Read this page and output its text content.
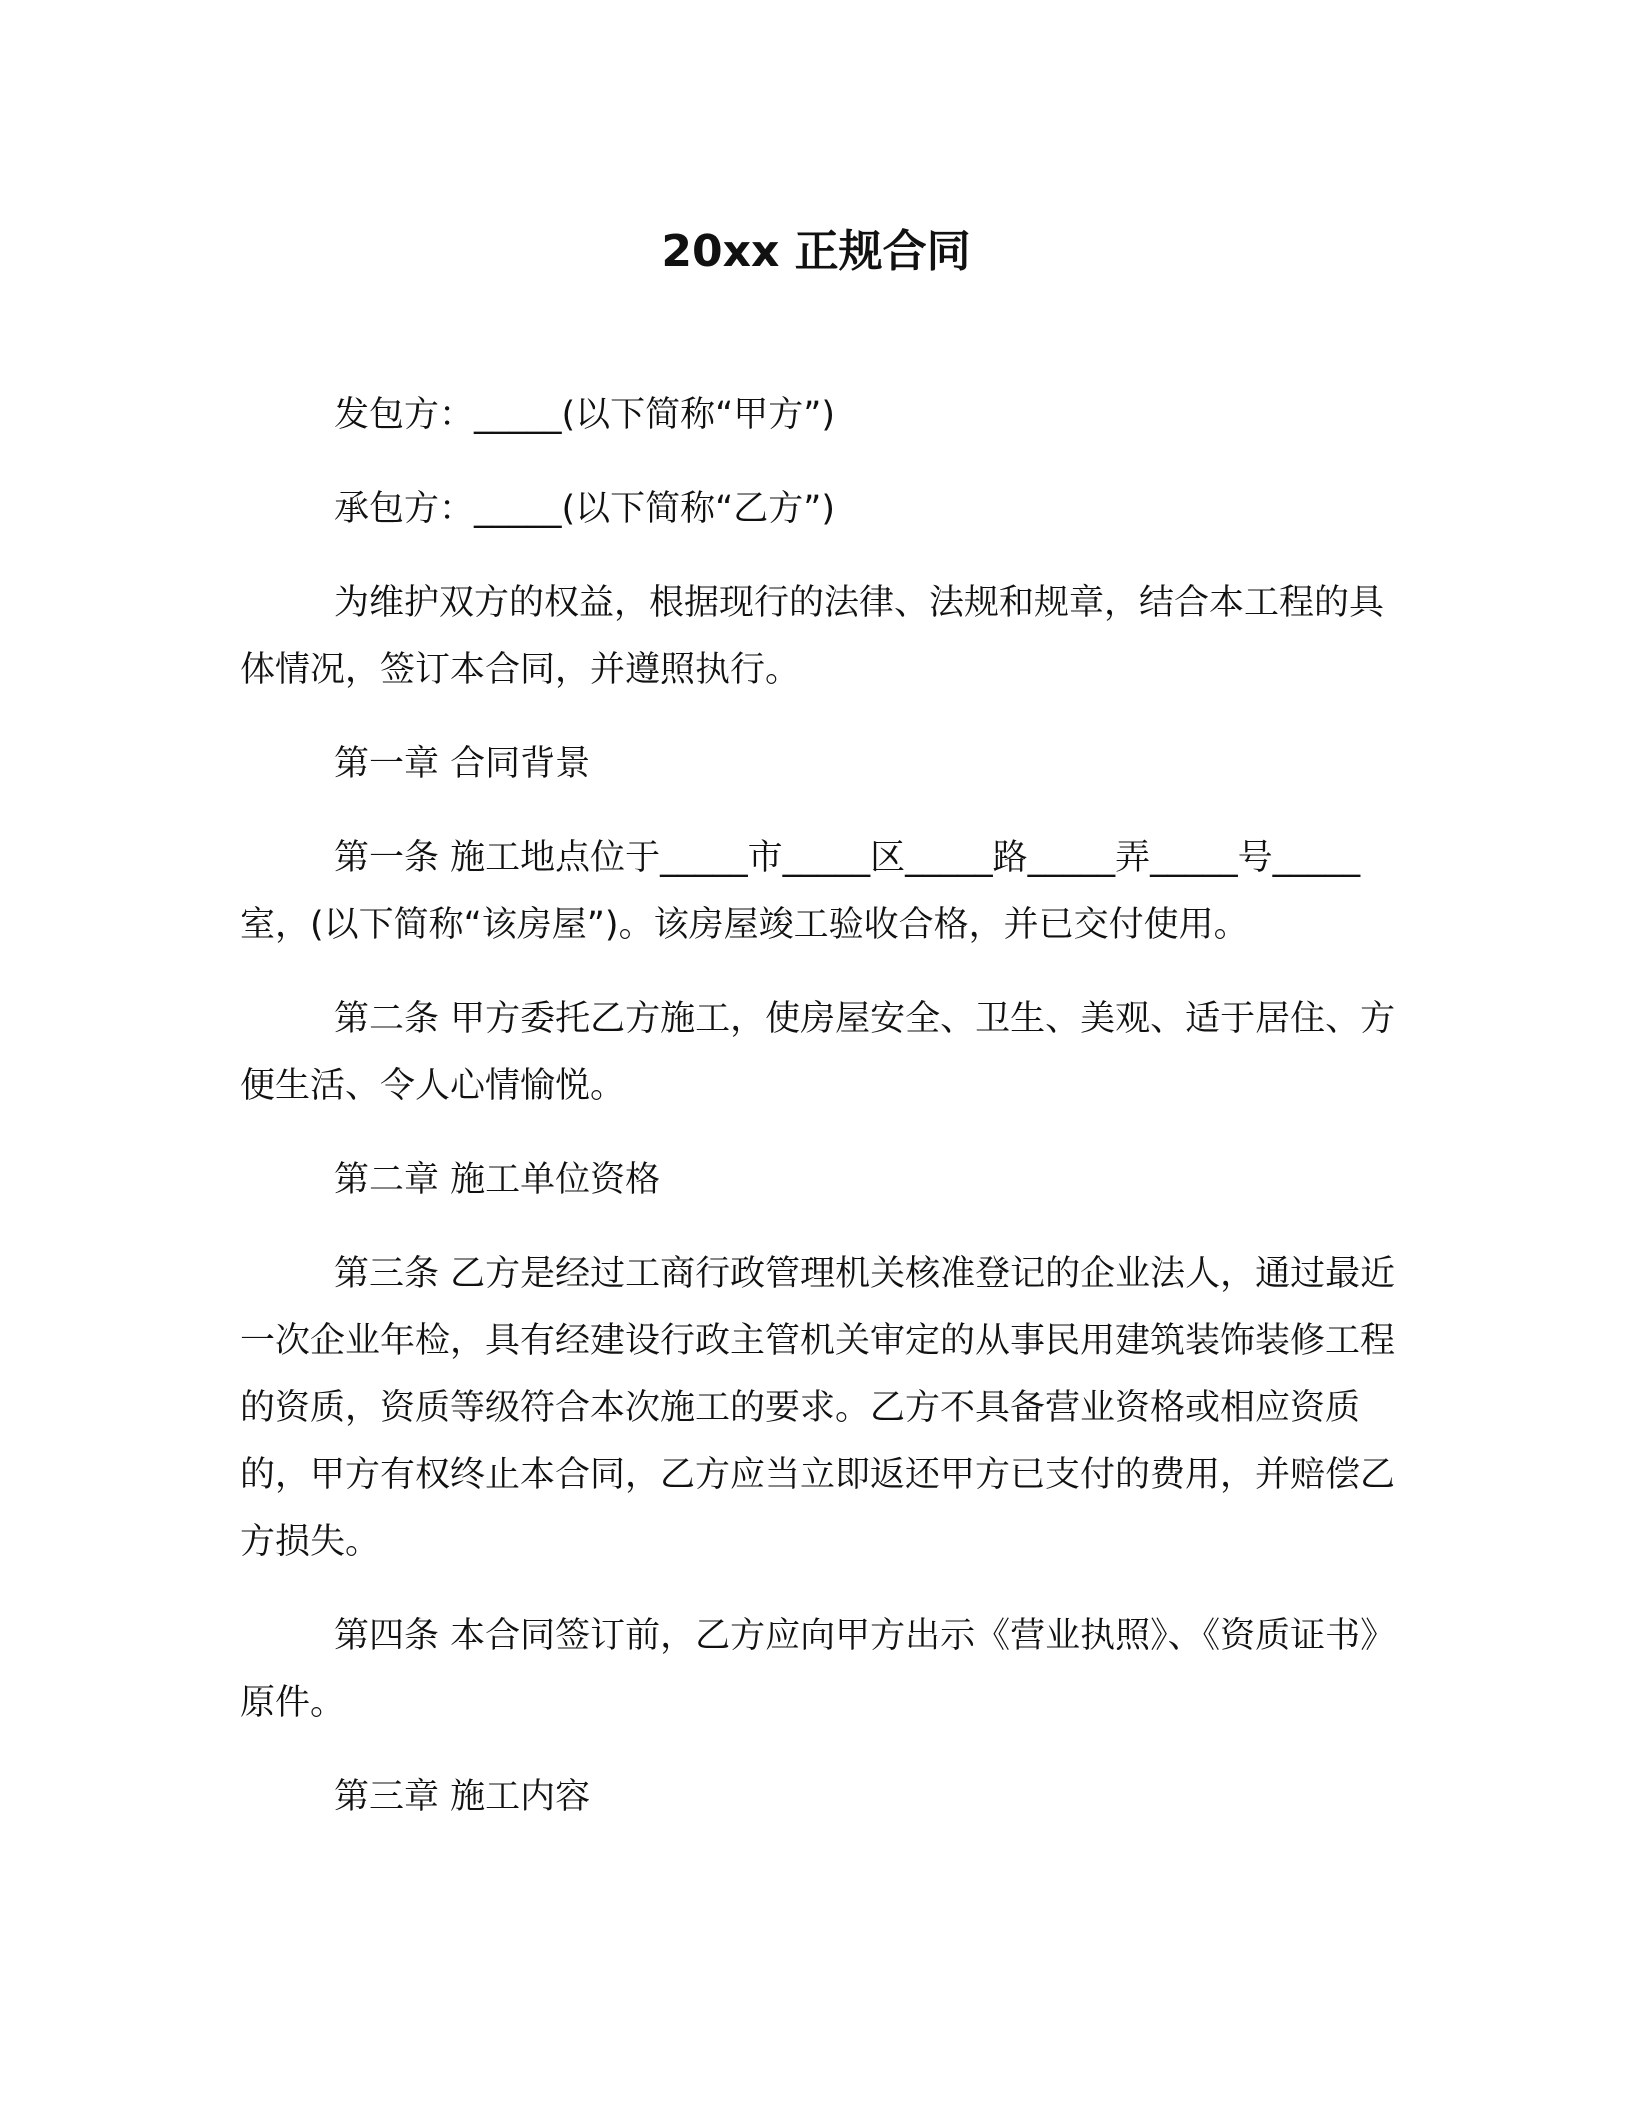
20xx 正规合同

发包方：_____(以下简称“甲方”)

承包方：_____(以下简称“乙方”)

为维护双方的权益，根据现行的法律、法规和规章，结合本工程的具体情况，签订本合同，并遵照执行。

第一章 合同背景

第一条 施工地点位于_____市_____区_____路_____弄_____号_____室，(以下简称“该房屋”)。该房屋竣工验收合格，并已交付使用。

第二条 甲方委托乙方施工，使房屋安全、卫生、美观、适于居住、方便生活、令人心情愉悦。

第二章 施工单位资格

第三条 乙方是经过工商行政管理机关核准登记的企业法人，通过最近一次企业年检，具有经建设行政主管机关审定的从事民用建筑装饰装修工程的资质，资质等级符合本次施工的要求。乙方不具备营业资格或相应资质的，甲方有权终止本合同，乙方应当立即返还甲方已支付的费用，并赔偿乙方损失。

第四条 本合同签订前，乙方应向甲方出示《营业执照》、《资质证书》原件。

第三章 施工内容
